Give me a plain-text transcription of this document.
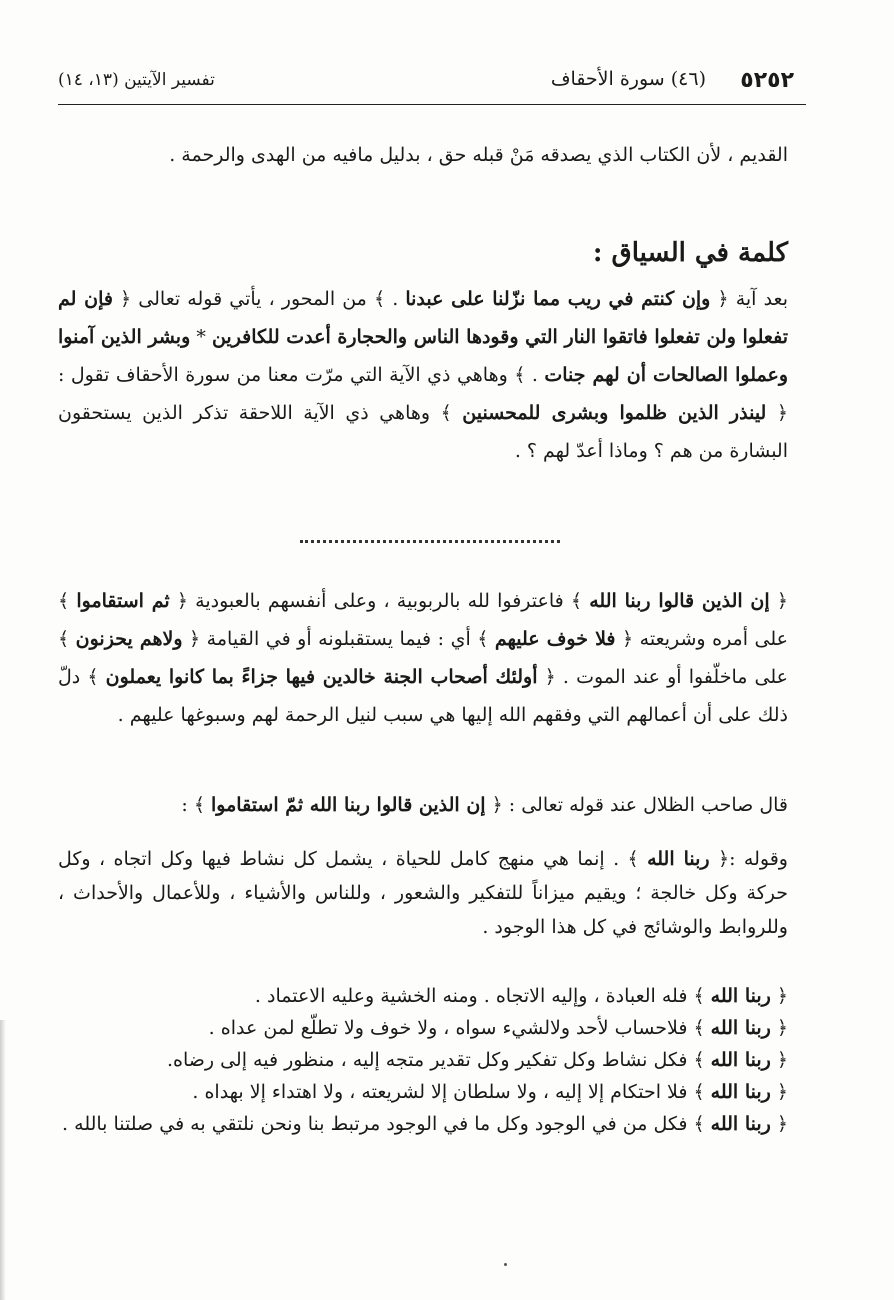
٥٢٥٢
(٤٦) سورة الأحقاف
تفسير الآيتين (١٣، ١٤)

القديم ، لأن الكتاب الذي يصدقه مَنْ قبله حق ، بدليل مافيه من الهدى والرحمة .

كلمة في السياق :

بعد آية ﴿ وإن كنتم في ريب مما نزّلنا على عبدنا . ﴾ من المحور ، يأتي قوله تعالى ﴿ فإن لم تفعلوا ولن تفعلوا فاتقوا النار التي وقودها الناس والحجارة أعدت للكافرين * وبشر الذين آمنوا وعملوا الصالحات أن لهم جنات . ﴾ وهاهي ذي الآية التي مرّت معنا من سورة الأحقاف تقول : ﴿ لينذر الذين ظلموا وبشرى للمحسنين ﴾ وهاهي ذي الآية اللاحقة تذكر الذين يستحقون البشارة من هم ؟ وماذا أعدّ لهم ؟ .

﴿ إن الذين قالوا ربنا الله ﴾ فاعترفوا لله بالربوبية ، وعلى أنفسهم بالعبودية ﴿ ثم استقاموا ﴾ على أمره وشريعته ﴿ فلا خوف عليهم ﴾ أي : فيما يستقبلونه أو في القيامة ﴿ ولاهم يحزنون ﴾ على ماخلّفوا أو عند الموت . ﴿ أولئك أصحاب الجنة خالدين فيها جزاءً بما كانوا يعملون ﴾ دلّ ذلك على أن أعمالهم التي وفقهم الله إليها هي سبب لنيل الرحمة لهم وسبوغها عليهم .

قال صاحب الظلال عند قوله تعالى : ﴿ إن الذين قالوا ربنا الله ثمّ استقاموا ﴾ :

وقوله :﴿ ربنا الله ﴾ . إنما هي منهج كامل للحياة ، يشمل كل نشاط فيها وكل اتجاه ، وكل حركة وكل خالجة ؛ ويقيم ميزاناً للتفكير والشعور ، وللناس والأشياء ، وللأعمال والأحداث ، وللروابط والوشائج في كل هذا الوجود .

﴿ ربنا الله ﴾ فله العبادة ، وإليه الاتجاه . ومنه الخشية وعليه الاعتماد .

﴿ ربنا الله ﴾ فلاحساب لأحد ولالشيء سواه ، ولا خوف ولا تطلّع لمن عداه .

﴿ ربنا الله ﴾ فكل نشاط وكل تفكير وكل تقدير متجه إليه ، منظور فيه إلى رضاه.

﴿ ربنا الله ﴾ فلا احتكام إلا إليه ، ولا سلطان إلا لشريعته ، ولا اهتداء إلا بهداه .

﴿ ربنا الله ﴾ فكل من في الوجود وكل ما في الوجود مرتبط بنا ونحن نلتقي به في صلتنا بالله .
